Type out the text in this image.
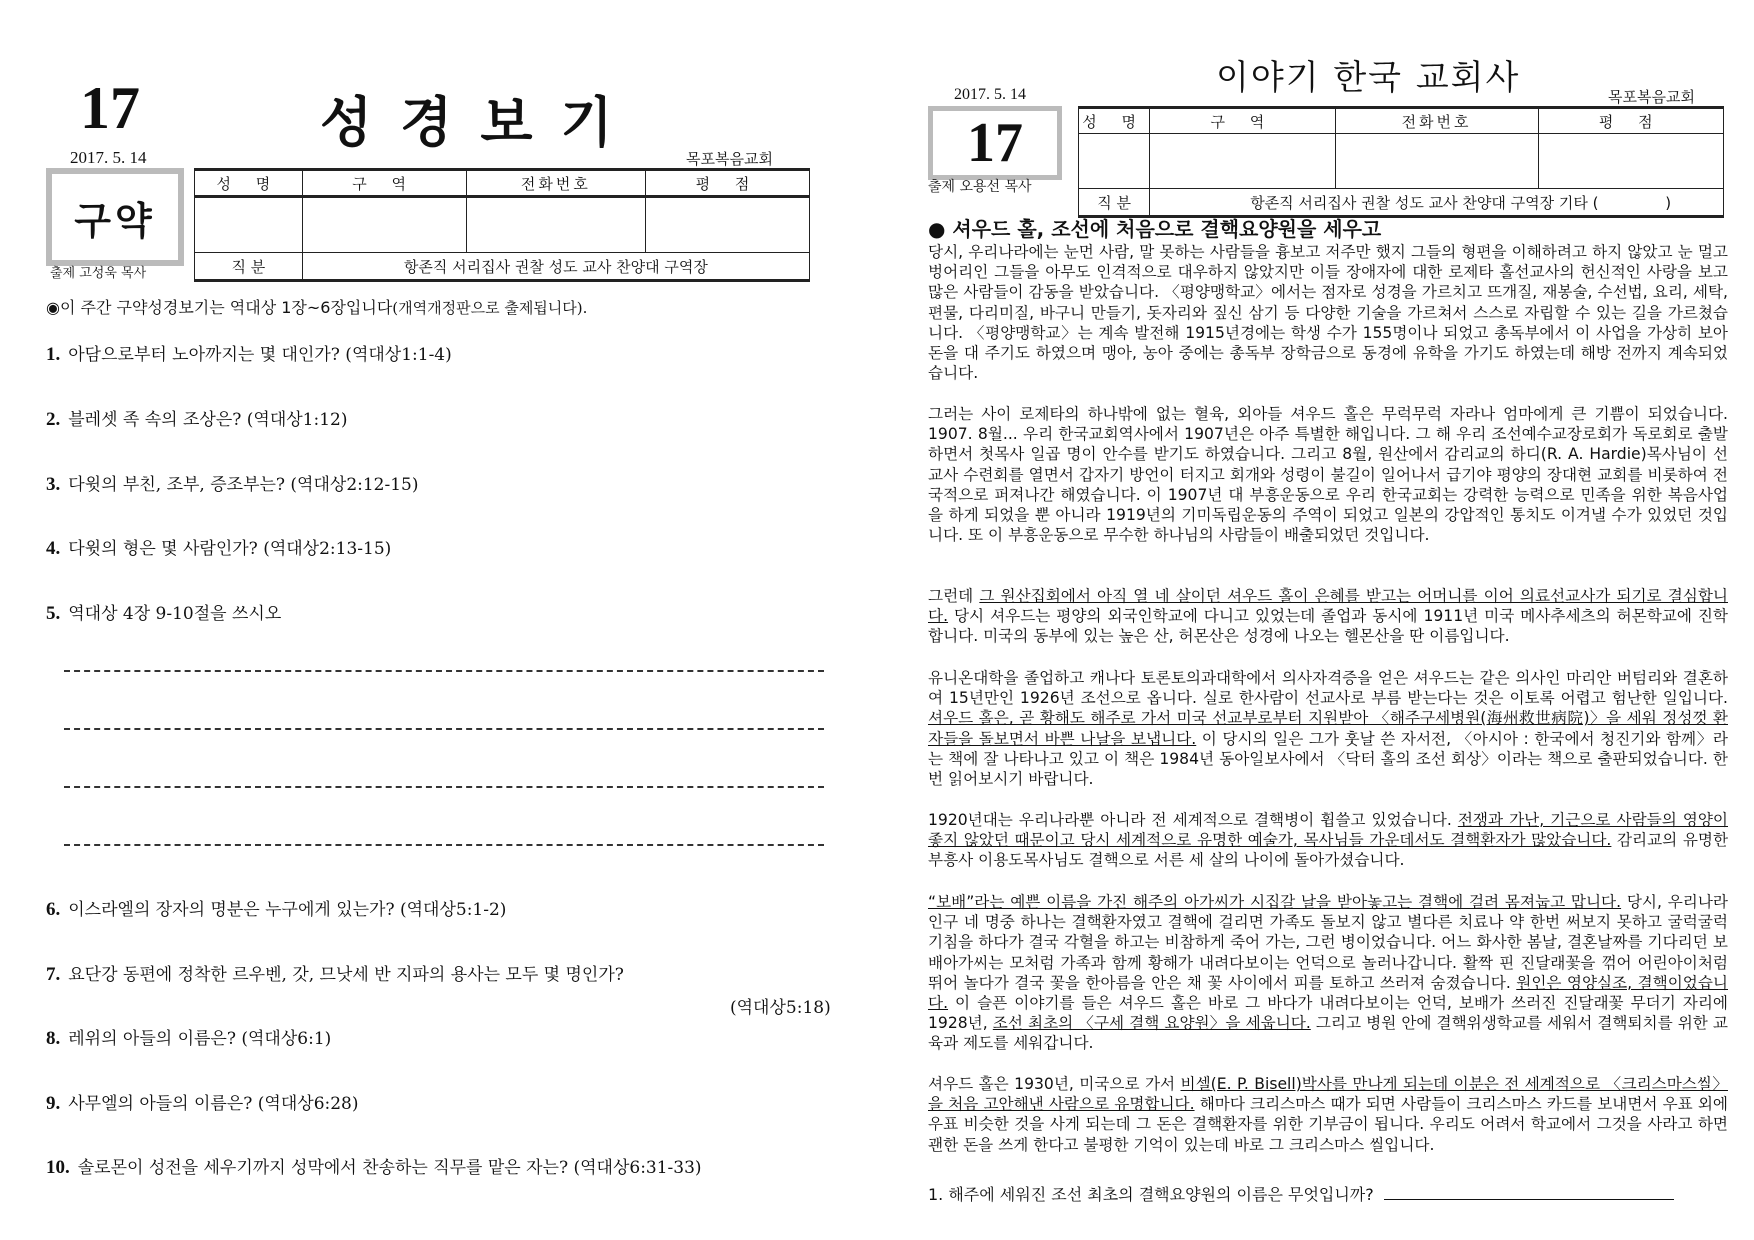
17	성경보기
2017. 5. 14	목포복음교회
구약
출제 고성욱 목사
성 명	구 역	전화번호	평 점

직 분	항존직 서리집사 권찰 성도 교사 찬양대 구역장		
◉이 주간 구약성경보기는 역대상 1장~6장입니다(개역개정판으로 출제됩니다).
1. 아담으로부터 노아까지는 몇 대인가? (역대상1:1-4)
2. 블레셋 족 속의 조상은? (역대상1:12)
3. 다윗의 부친, 조부, 증조부는? (역대상2:12-15)
4. 다윗의 형은 몇 사람인가? (역대상2:13-15)
5. 역대상 4장 9-10절을 쓰시오
6. 이스라엘의 장자의 명분은 누구에게 있는가? (역대상5:1-2)
7. 요단강 동편에 정착한 르우벤, 갓, 므낫세 반 지파의 용사는 모두 몇 명인가?
(역대상5:18)
8. 레위의 아들의 이름은? (역대상6:1)
9. 사무엘의 아들의 이름은? (역대상6:28)
10. 솔로몬이 성전을 세우기까지 성막에서 찬송하는 직무를 맡은 자는? (역대상6:31-33)
이야기 한국 교회사
2017. 5. 14	목포복음교회
17
출제 오용선 목사
성 명	구 역	전화번호	평 점

직 분	항존직 서리집사 권찰 성도 교사 찬양대 구역장 기타 (              )		
● 셔우드 홀, 조선에 처음으로 결핵요양원을 세우고

당시, 우리나라에는 눈먼 사람, 말 못하는 사람들을 흉보고 저주만 했지 그들의 형편을 이해하려고 하지 않았고 눈 멀고 벙어리인 그들을 아무도 인격적으로 대우하지 않았지만 이들 장애자에 대한 로제타 홀선교사의 헌신적인 사랑을 보고 많은 사람들이 감동을 받았습니다. 〈평양맹학교〉에서는 점자로 성경을 가르치고 뜨개질, 재봉술, 수선법, 요리, 세탁, 편물, 다리미질, 바구니 만들기, 돗자리와 짚신 삼기 등 다양한 기술을 가르쳐서 스스로 자립할 수 있는 길을 가르쳤습니다. 〈평양맹학교〉는 계속 발전해 1915년경에는 학생 수가 155명이나 되었고 총독부에서 이 사업을 가상히 보아 돈을 대 주기도 하였으며 맹아, 농아 중에는 총독부 장학금으로 동경에 유학을 가기도 하였는데 해방 전까지 계속되었습니다.

그러는 사이 로제타의 하나밖에 없는 혈육, 외아들 셔우드 홀은 무럭무럭 자라나 엄마에게 큰 기쁨이 되었습니다. 1907. 8월... 우리 한국교회역사에서 1907년은 아주 특별한 해입니다. 그 해 우리 조선예수교장로회가 독로회로 출발하면서 첫목사 일곱 명이 안수를 받기도 하였습니다. 그리고 8월, 원산에서 감리교의 하디(R. A. Hardie)목사님이 선교사 수련회를 열면서 갑자기 방언이 터지고 회개와 성령이 불길이 일어나서 급기야 평양의 장대현 교회를 비롯하여 전국적으로 퍼져나간 해였습니다. 이 1907년 대 부흥운동으로 우리 한국교회는 강력한 능력으로 민족을 위한 복음사업을 하게 되었을 뿐 아니라 1919년의 기미독립운동의 주역이 되었고 일본의 강압적인 통치도 이겨낼 수가 있었던 것입니다. 또 이 부흥운동으로 무수한 하나님의 사람들이 배출되었던 것입니다.

그런데 그 원산집회에서 아직 열 네 살이던 셔우드 홀이 은혜를 받고는 어머니를 이어 의료선교사가 되기로 결심합니다. 당시 셔우드는 평양의 외국인학교에 다니고 있었는데 졸업과 동시에 1911년 미국 메사추세츠의 허몬학교에 진학합니다. 미국의 동부에 있는 높은 산, 허몬산은 성경에 나오는 헬몬산을 딴 이름입니다.

유니온대학을 졸업하고 캐나다 토론토의과대학에서 의사자격증을 얻은 셔우드는 같은 의사인 마리안 버텀리와 결혼하여 15년만인 1926년 조선으로 옵니다. 실로 한사람이 선교사로 부름 받는다는 것은 이토록 어렵고 험난한 일입니다. 셔우드 홀은, 곧 황해도 해주로 가서 미국 선교부로부터 지원받아 〈해주구세병원(海州救世病院)〉을 세워 정성껏 환자들을 돌보면서 바쁜 나날을 보냅니다. 이 당시의 일은 그가 훗날 쓴 자서전, 〈아시아 : 한국에서 청진기와 함께〉라는 책에 잘 나타나고 있고 이 책은 1984년 동아일보사에서 〈닥터 홀의 조선 회상〉이라는 책으로 출판되었습니다. 한번 읽어보시기 바랍니다.

1920년대는 우리나라뿐 아니라 전 세계적으로 결핵병이 휩쓸고 있었습니다. 전쟁과 가난, 기근으로 사람들의 영양이 좋지 않았던 때문이고 당시 세계적으로 유명한 예술가, 목사님들 가운데서도 결핵환자가 많았습니다. 감리교의 유명한 부흥사 이용도목사님도 결핵으로 서른 세 살의 나이에 돌아가셨습니다.

“보배”라는 예쁜 이름을 가진 해주의 아가씨가 시집갈 날을 받아놓고는 결핵에 걸려 몸져눕고 맙니다. 당시, 우리나라 인구 네 명중 하나는 결핵환자였고 결핵에 걸리면 가족도 돌보지 않고 별다른 치료나 약 한번 써보지 못하고 굴럭굴럭 기침을 하다가 결국 각혈을 하고는 비참하게 죽어 가는, 그런 병이었습니다. 어느 화사한 봄날, 결혼날짜를 기다리던 보배아가씨는 모처럼 가족과 함께 황해가 내려다보이는 언덕으로 놀러나갑니다. 활짝 핀 진달래꽃을 꺾어 어린아이처럼 뛰어 놀다가 결국 꽃을 한아름을 안은 채 꽃 사이에서 피를 토하고 쓰러져 숨졌습니다. 원인은 영양실조, 결핵이었습니다. 이 슬픈 이야기를 들은 셔우드 홀은 바로 그 바다가 내려다보이는 언덕, 보배가 쓰러진 진달래꽃 무더기 자리에 1928년, 조선 최초의 〈구세 결핵 요양원〉을 세웁니다. 그리고 병원 안에 결핵위생학교를 세워서 결핵퇴치를 위한 교육과 제도를 세워갑니다.

셔우드 홀은 1930년, 미국으로 가서 비셀(E. P. Bisell)박사를 만나게 되는데 이분은 전 세계적으로 〈크리스마스씰〉을 처음 고안해낸 사람으로 유명합니다. 해마다 크리스마스 때가 되면 사람들이 크리스마스 카드를 보내면서 우표 외에 우표 비슷한 것을 사게 되는데 그 돈은 결핵환자를 위한 기부금이 됩니다. 우리도 어려서 학교에서 그것을 사라고 하면 괜한 돈을 쓰게 한다고 불평한 기억이 있는데 바로 그 크리스마스 씰입니다.

1. 해주에 세워진 조선 최초의 결핵요양원의 이름은 무엇입니까?
